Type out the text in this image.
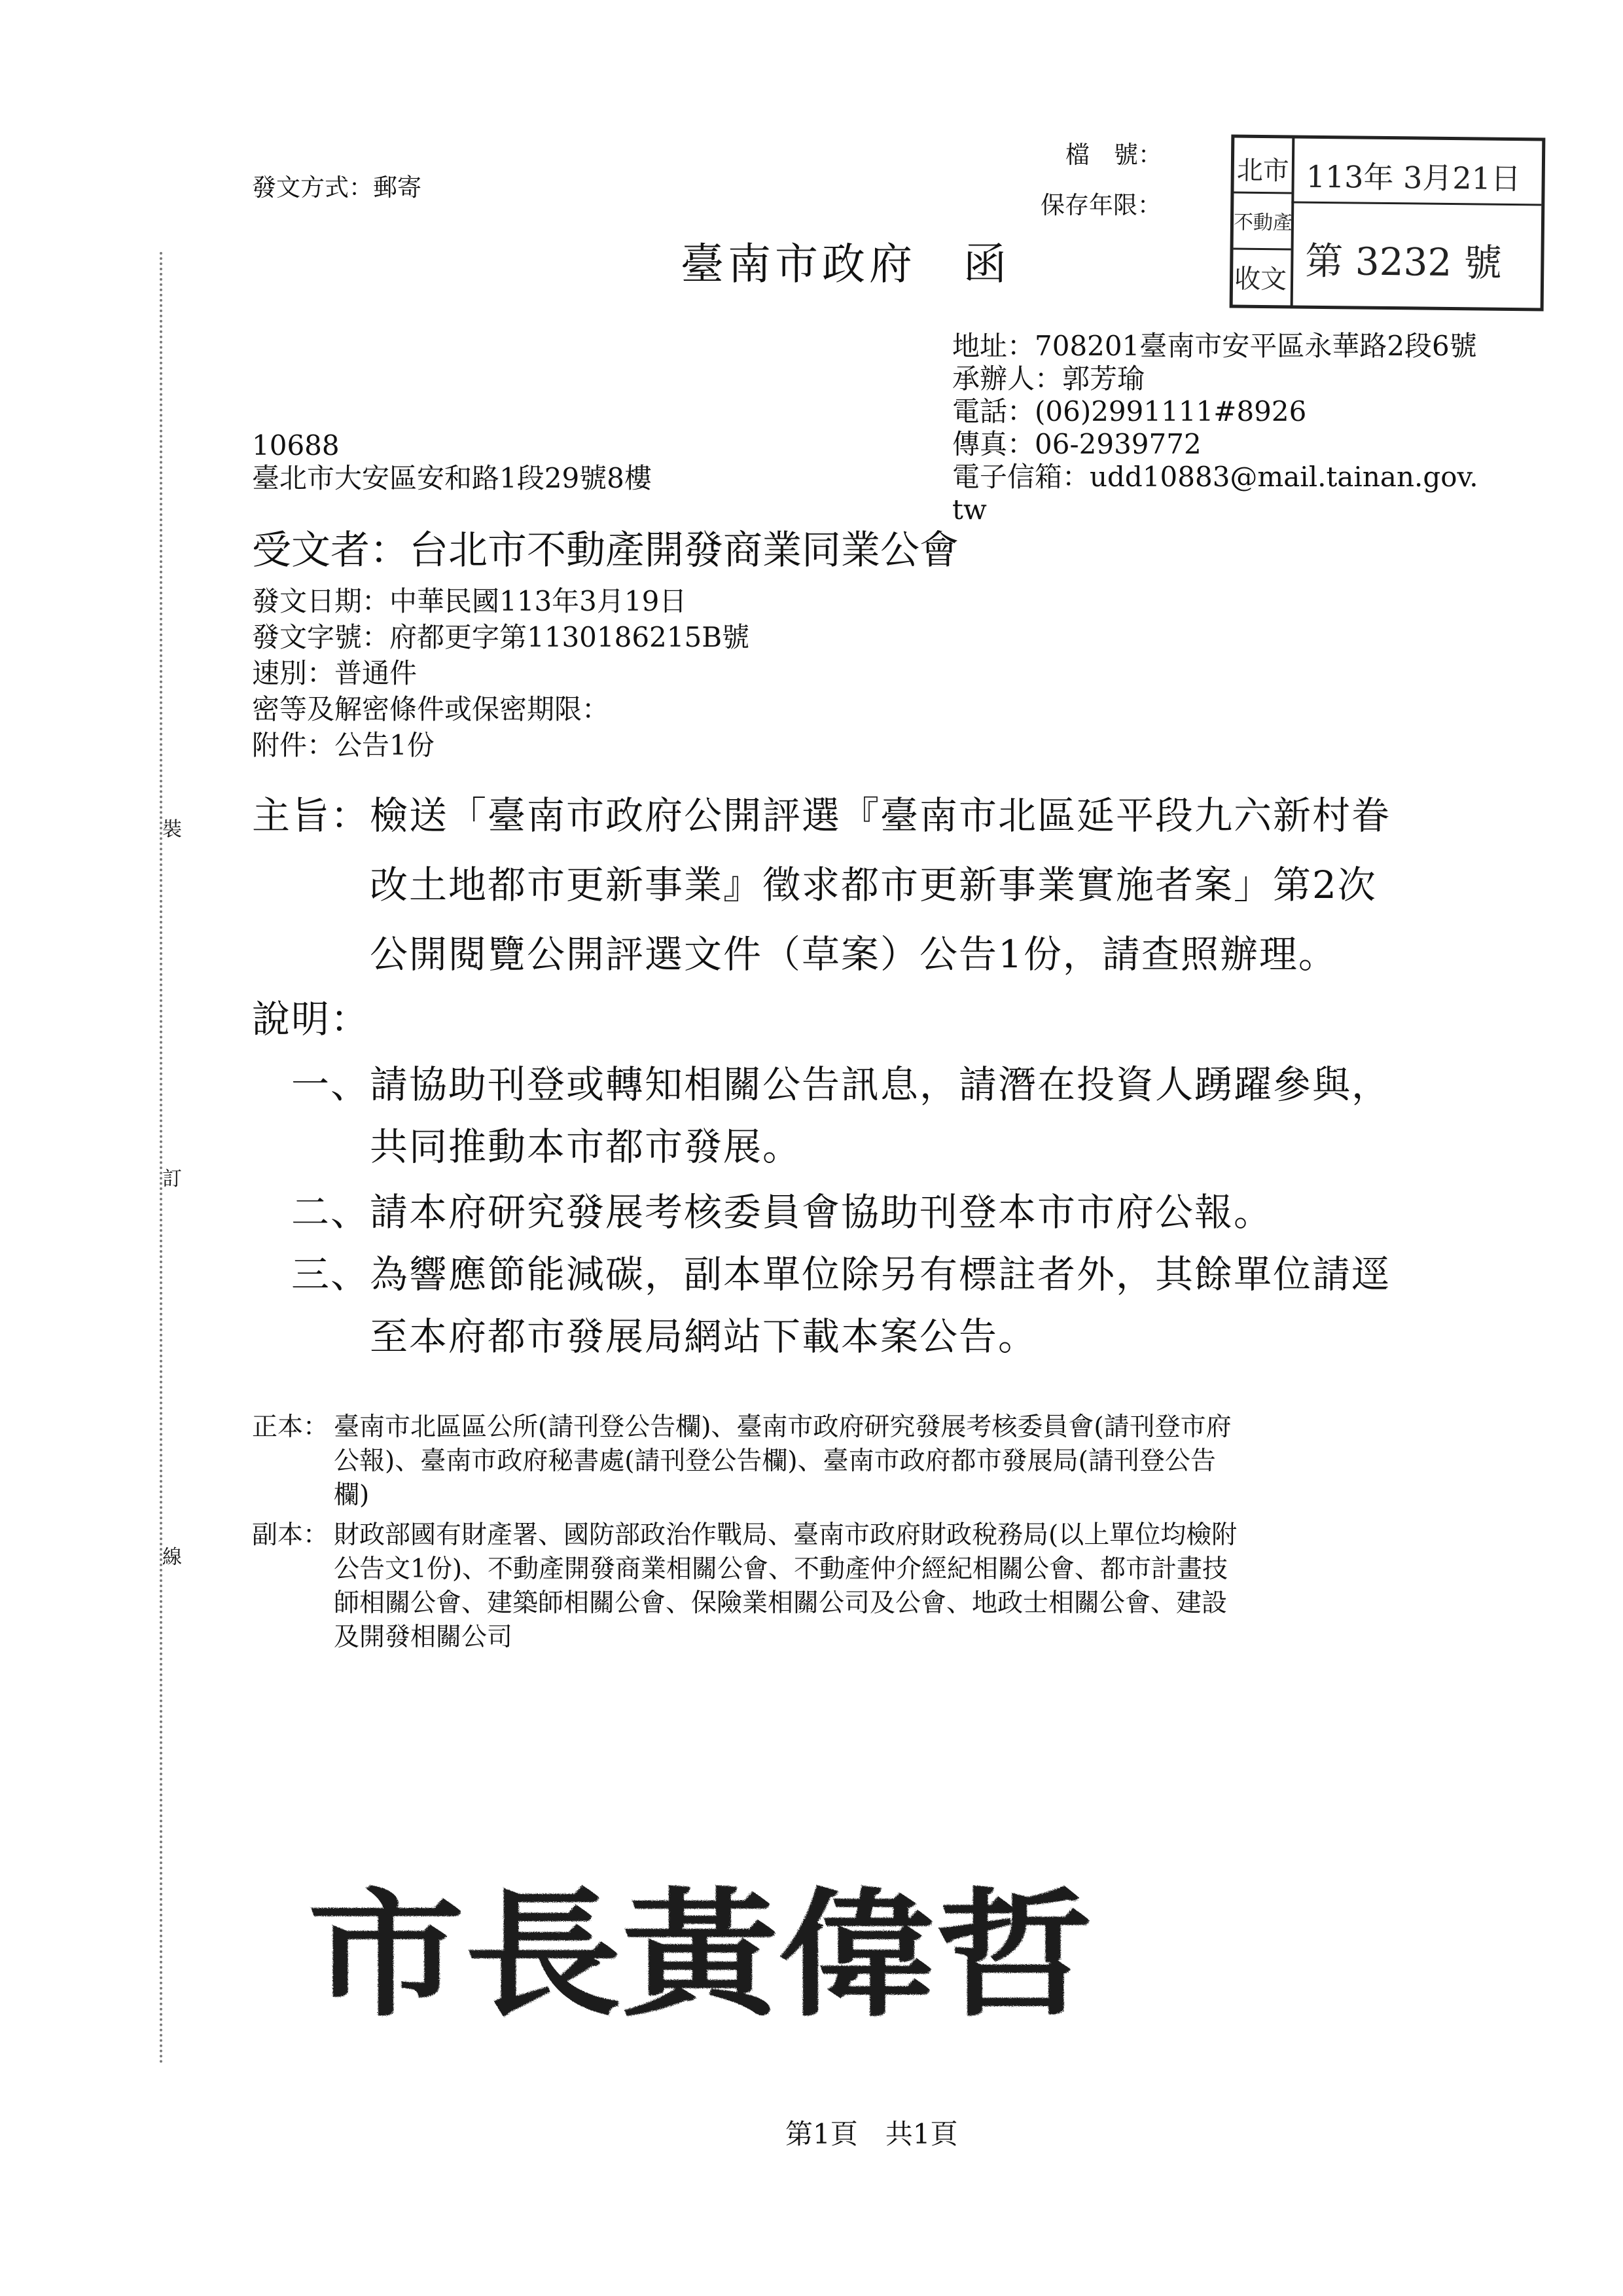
發文方式：郵寄
檔　號：
保存年限：
臺南市政府　函
北市
不動產
收文
113年 3月21日
第 3232 號
地址：708201臺南市安平區永華路2段6號
承辦人：郭芳瑜
電話：(06)2991111#8926
傳真：06-2939772
電子信箱：udd10883@mail.tainan.gov.
tw
10688
臺北市大安區安和路1段29號8樓
受文者：台北市不動產開發商業同業公會
發文日期：中華民國113年3月19日
發文字號：府都更字第1130186215B號
速別：普通件
密等及解密條件或保密期限：
附件：公告1份
裝
訂
線
主旨： 檢送「臺南市政府公開評選『臺南市北區延平段九六新村眷
改土地都市更新事業』徵求都市更新事業實施者案」第2次
公開閱覽公開評選文件（草案）公告1份，請查照辦理。
說明：
一、 請協助刊登或轉知相關公告訊息，請潛在投資人踴躍參與，
共同推動本市都市發展。
二、 請本府研究發展考核委員會協助刊登本市市府公報。
三、 為響應節能減碳，副本單位除另有標註者外，其餘單位請逕
至本府都市發展局網站下載本案公告。
正本： 臺南市北區區公所(請刊登公告欄)、臺南市政府研究發展考核委員會(請刊登市府
公報)、臺南市政府秘書處(請刊登公告欄)、臺南市政府都市發展局(請刊登公告
欄)
副本： 財政部國有財產署、國防部政治作戰局、臺南市政府財政稅務局(以上單位均檢附
公告文1份)、不動產開發商業相關公會、不動產仲介經紀相關公會、都市計畫技
師相關公會、建築師相關公會、保險業相關公司及公會、地政士相關公會、建設
及開發相關公司
市長黃偉哲
第1頁　共1頁
